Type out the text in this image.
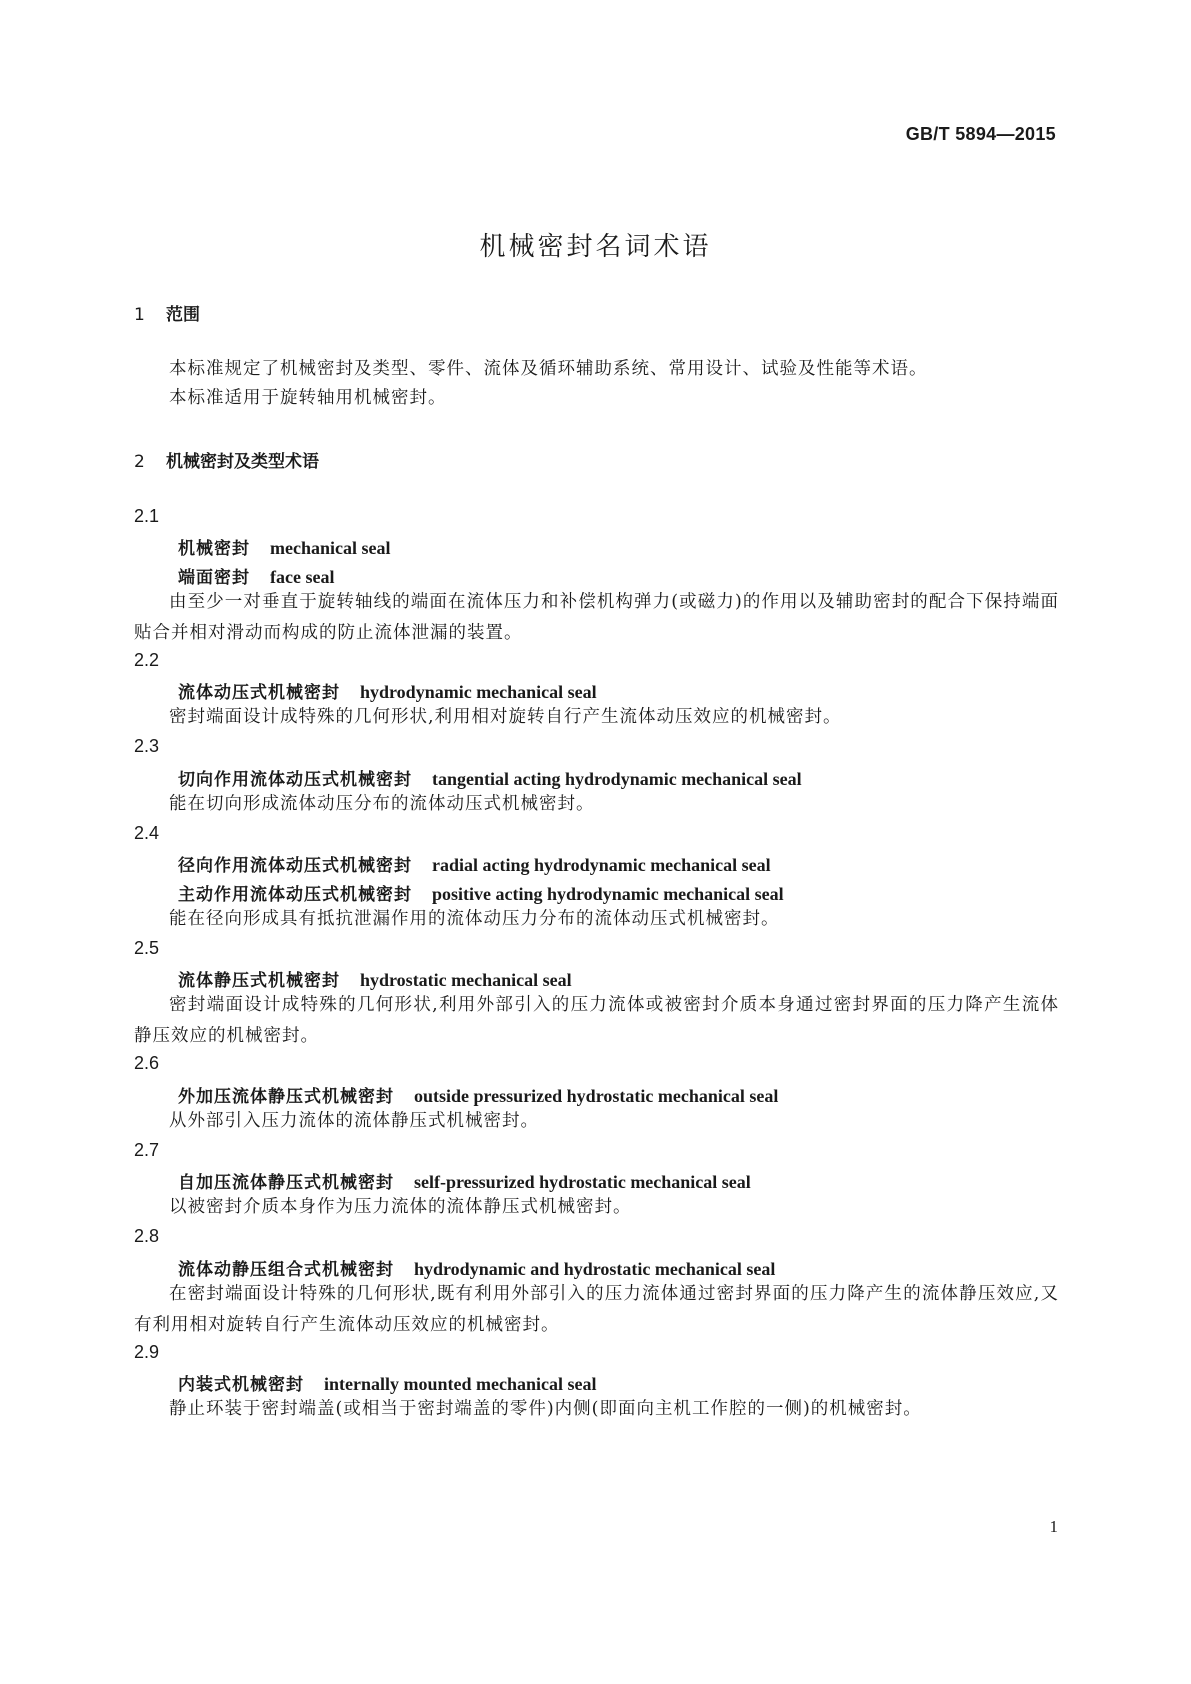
GB/T 5894—2015
机械密封名词术语
1 范围

本标准规定了机械密封及类型、零件、流体及循环辅助系统、常用设计、试验及性能等术语。

本标准适用于旋转轴用机械密封。

2 机械密封及类型术语
2.1
机械密封 mechanical seal
端面密封 face seal

由至少一对垂直于旋转轴线的端面在流体压力和补偿机构弹力(或磁力)的作用以及辅助密封的配合下保持端面贴合并相对滑动而构成的防止流体泄漏的装置。

2.2
流体动压式机械密封 hydrodynamic mechanical seal

密封端面设计成特殊的几何形状,利用相对旋转自行产生流体动压效应的机械密封。

2.3
切向作用流体动压式机械密封 tangential acting hydrodynamic mechanical seal

能在切向形成流体动压分布的流体动压式机械密封。

2.4
径向作用流体动压式机械密封 radial acting hydrodynamic mechanical seal
主动作用流体动压式机械密封 positive acting hydrodynamic mechanical seal

能在径向形成具有抵抗泄漏作用的流体动压力分布的流体动压式机械密封。

2.5
流体静压式机械密封 hydrostatic mechanical seal

密封端面设计成特殊的几何形状,利用外部引入的压力流体或被密封介质本身通过密封界面的压力降产生流体静压效应的机械密封。

2.6
外加压流体静压式机械密封 outside pressurized hydrostatic mechanical seal

从外部引入压力流体的流体静压式机械密封。

2.7
自加压流体静压式机械密封 self-pressurized hydrostatic mechanical seal

以被密封介质本身作为压力流体的流体静压式机械密封。

2.8
流体动静压组合式机械密封 hydrodynamic and hydrostatic mechanical seal

在密封端面设计特殊的几何形状,既有利用外部引入的压力流体通过密封界面的压力降产生的流体静压效应,又有利用相对旋转自行产生流体动压效应的机械密封。

2.9
内装式机械密封 internally mounted mechanical seal

静止环装于密封端盖(或相当于密封端盖的零件)内侧(即面向主机工作腔的一侧)的机械密封。

1
